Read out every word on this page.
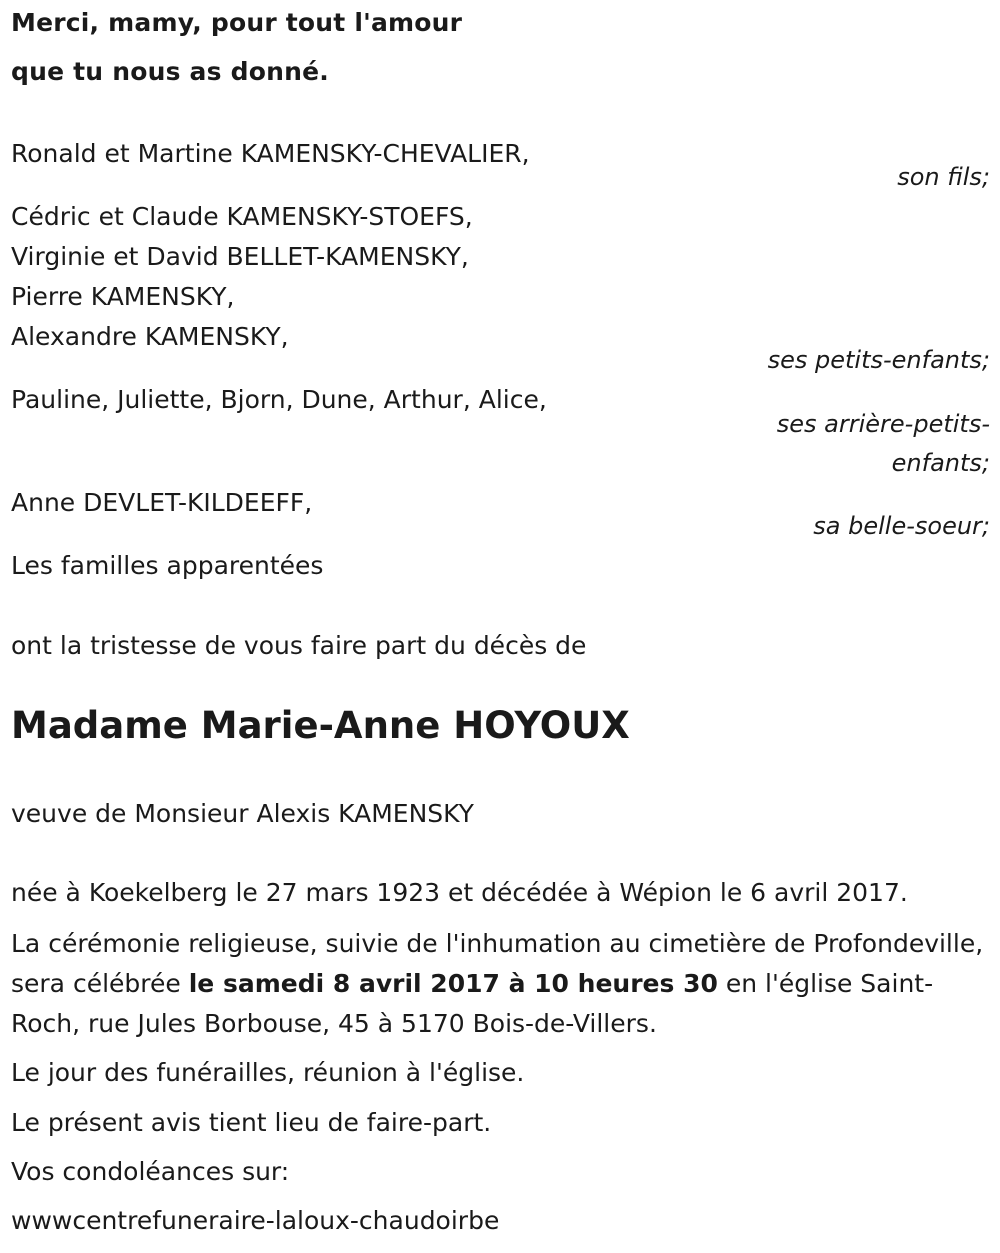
Merci, mamy, pour tout l'amour
que tu nous as donné.
Ronald et Martine KAMENSKY-CHEVALIER,
son fils;
Cédric et Claude KAMENSKY-STOEFS,
Virginie et David BELLET-KAMENSKY,
Pierre KAMENSKY,
Alexandre KAMENSKY,
ses petits-enfants;
Pauline, Juliette, Bjorn, Dune, Arthur, Alice,
ses arrière-petits-
enfants;
Anne DEVLET-KILDEEFF,
sa belle-soeur;
Les familles apparentées
ont la tristesse de vous faire part du décès de
Madame Marie-Anne HOYOUX
veuve de Monsieur Alexis KAMENSKY
née à Koekelberg le 27 mars 1923 et décédée à Wépion le 6 avril 2017.
La cérémonie religieuse, suivie de l'inhumation au cimetière de Profondeville, sera célébrée le samedi 8 avril 2017 à 10 heures 30 en l'église Saint-Roch, rue Jules Borbouse, 45 à 5170 Bois-de-Villers.
Le jour des funérailles, réunion à l'église.
Le présent avis tient lieu de faire-part.
Vos condoléances sur:
wwwcentrefuneraire-laloux-chaudoirbe
